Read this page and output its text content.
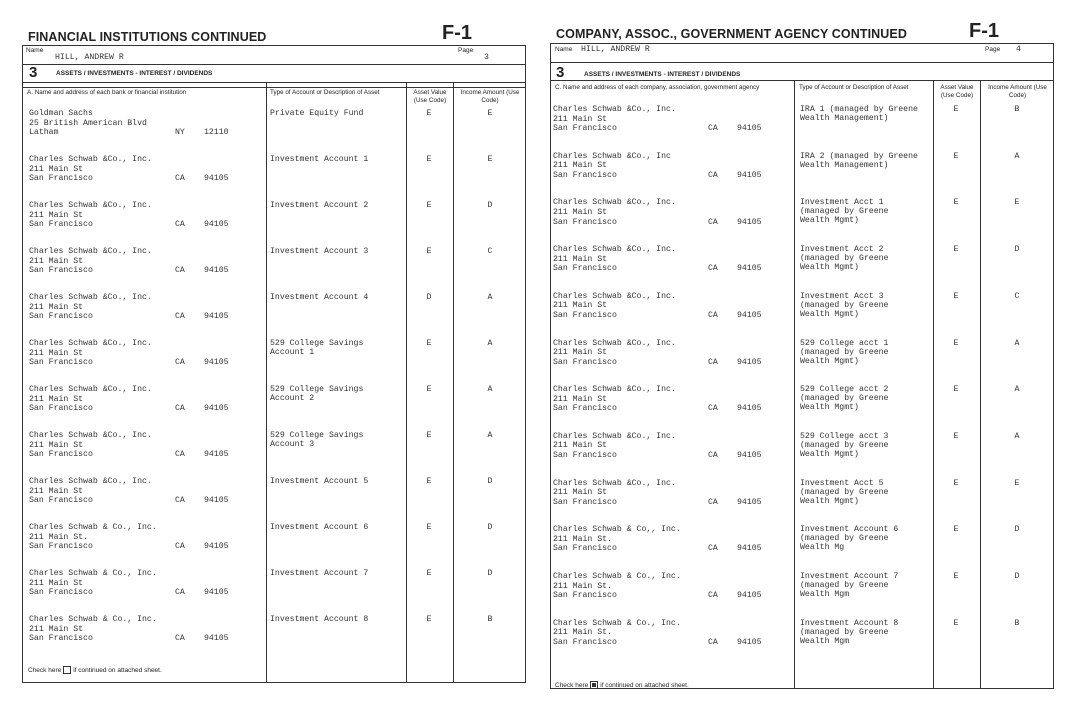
FINANCIAL INSTITUTIONS CONTINUED	F-1
Name
HILL, ANDREW R
Page
3
3	ASSETS / INVESTMENTS - INTEREST / DIVIDENDS
A. Name and address of each bank or financial institution	Type of Account or Description of Asset	Asset Value (Use Code)
Income Amount (Use Code)
Goldman Sachs
25 British American Blvd
Latham	NY 12110
Private Equity Fund	E	E
Charles Schwab &Co., Inc.
211 Main St
San Francisco	CA 94105
Investment Account 1	E	E
Charles Schwab &Co., Inc.
211 Main St
San Francisco	CA 94105
Investment Account 2	E	D
Charles Schwab &Co., Inc.
211 Main St
San Francisco	CA 94105
Investment Account 3	E	C
Charles Schwab &Co., Inc.
211 Main St
San Francisco	CA 94105
Investment Account 4	D	A
Charles Schwab &Co., Inc.
211 Main St
San Francisco	CA 94105
529 College Savings
Account 1
E	A
Charles Schwab &Co., Inc.
211 Main St
San Francisco	CA 94105
529 College Savings
Account 2
E	A
Charles Schwab &Co., Inc.
211 Main St
San Francisco	CA 94105
529 College Savings
Account 3
E	A
Charles Schwab &Co., Inc.
211 Main St
San Francisco	CA 94105
Investment Account 5	E	D
Charles Schwab & Co., Inc.
211 Main St.
San Francisco	CA 94105
Investment Account 6	E	D
Charles Schwab & Co., Inc.
211 Main St
San Francisco	CA 94105
Investment Account 7	E	D
Charles Schwab & Co., Inc.
211 Main St
San Francisco	CA 94105
Investment Account 8	E	B
Check here if continued on attached sheet.
COMPANY, ASSOC., GOVERNMENT AGENCY CONTINUED	F-1
Name HILL, ANDREW R	Page 4
3	ASSETS / INVESTMENTS - INTEREST / DIVIDENDS
C. Name and address of each company, association, government agency	Type of Account or Description of Asset	Asset Value (Use Code)
Income Amount (Use Code)
Charles Schwab &Co., Inc.
211 Main St
San Francisco	CA 94105
IRA 1 (managed by Greene
Wealth Management)
E	B
Charles Schwab &Co., Inc
211 Main St
San Francisco	CA 94105
IRA 2 (managed by Greene
Wealth Management)
E	A
Charles Schwab &Co., Inc.
211 Main St
San Francisco	CA 94105
Investment Acct 1
(managed by Greene
Wealth Mgmt)
E	E
Charles Schwab &Co., Inc.
211 Main St
San Francisco	CA 94105
Investment Acct 2
(managed by Greene
Wealth Mgmt)
E	D
Charles Schwab &Co., Inc.
211 Main St
San Francisco	CA 94105
Investment Acct 3
(managed by Greene
Wealth Mgmt)
E	C
Charles Schwab &Co., Inc.
211 Main St
San Francisco	CA 94105
529 College acct 1
(managed by Greene
Wealth Mgmt)
E	A
Charles Schwab &Co., Inc.
211 Main St
San Francisco	CA 94105
529 College acct 2
(managed by Greene
Wealth Mgmt)
E	A
Charles Schwab &Co., Inc.
211 Main St
San Francisco	CA 94105
529 College acct 3
(managed by Greene
Wealth Mgmt)
E	A
Charles Schwab &Co., Inc.
211 Main St
San Francisco	CA 94105
Investment Acct 5
(managed by Greene
Wealth Mgmt)
E	E
Charles Schwab & Co,, Inc.
211 Main St.
San Francisco	CA 94105
Investment Account 6
(managed by Greene
Wealth Mg
E	D
Charles Schwab & Co., Inc.
211 Main St.
San Francisco	CA 94105
Investment Account 7
(managed by Greene
Wealth Mgm
E	D
Charles Schwab & Co., Inc.
211 Main St.
San Francisco	CA 94105
Investment Account 8
(managed by Greene
Wealth Mgm
E	B
Check here if continued on attached sheet.
